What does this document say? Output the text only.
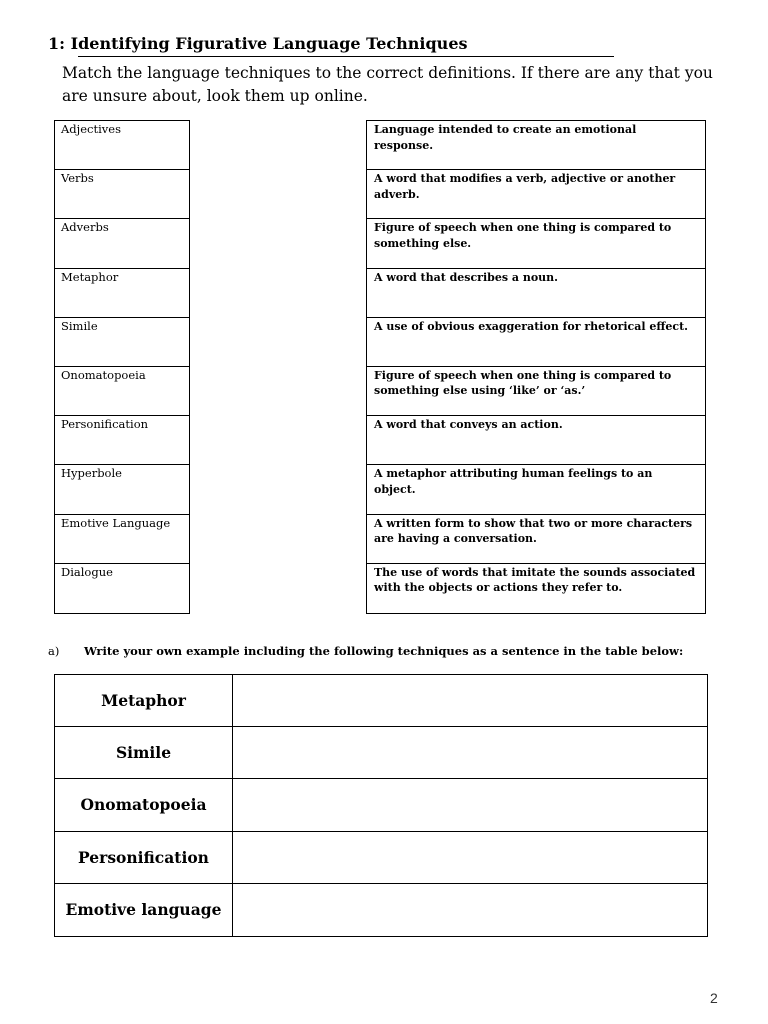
1: Identifying Figurative Language Techniques
Match the language techniques to the correct definitions. If there are any that you are unsure about, look them up online.
Adjectives
Verbs
Adverbs
Metaphor
Simile
Onomatopoeia
Personification
Hyperbole
Emotive Language
Dialogue
Language intended to create an emotional response.
A word that modifies a verb, adjective or another adverb.
Figure of speech when one thing is compared to something else.
A word that describes a noun.
A use of obvious exaggeration for rhetorical effect.
Figure of speech when one thing is compared to something else using ‘like’ or ‘as.’
A word that conveys an action.
A metaphor attributing human feelings to an object.
A written form to show that two or more characters are having a conversation.
The use of words that imitate the sounds associated with the objects or actions they refer to.
a) Write your own example including the following techniques as a sentence in the table below:
Metaphor
Simile
Onomatopoeia
Personification
Emotive language
2
